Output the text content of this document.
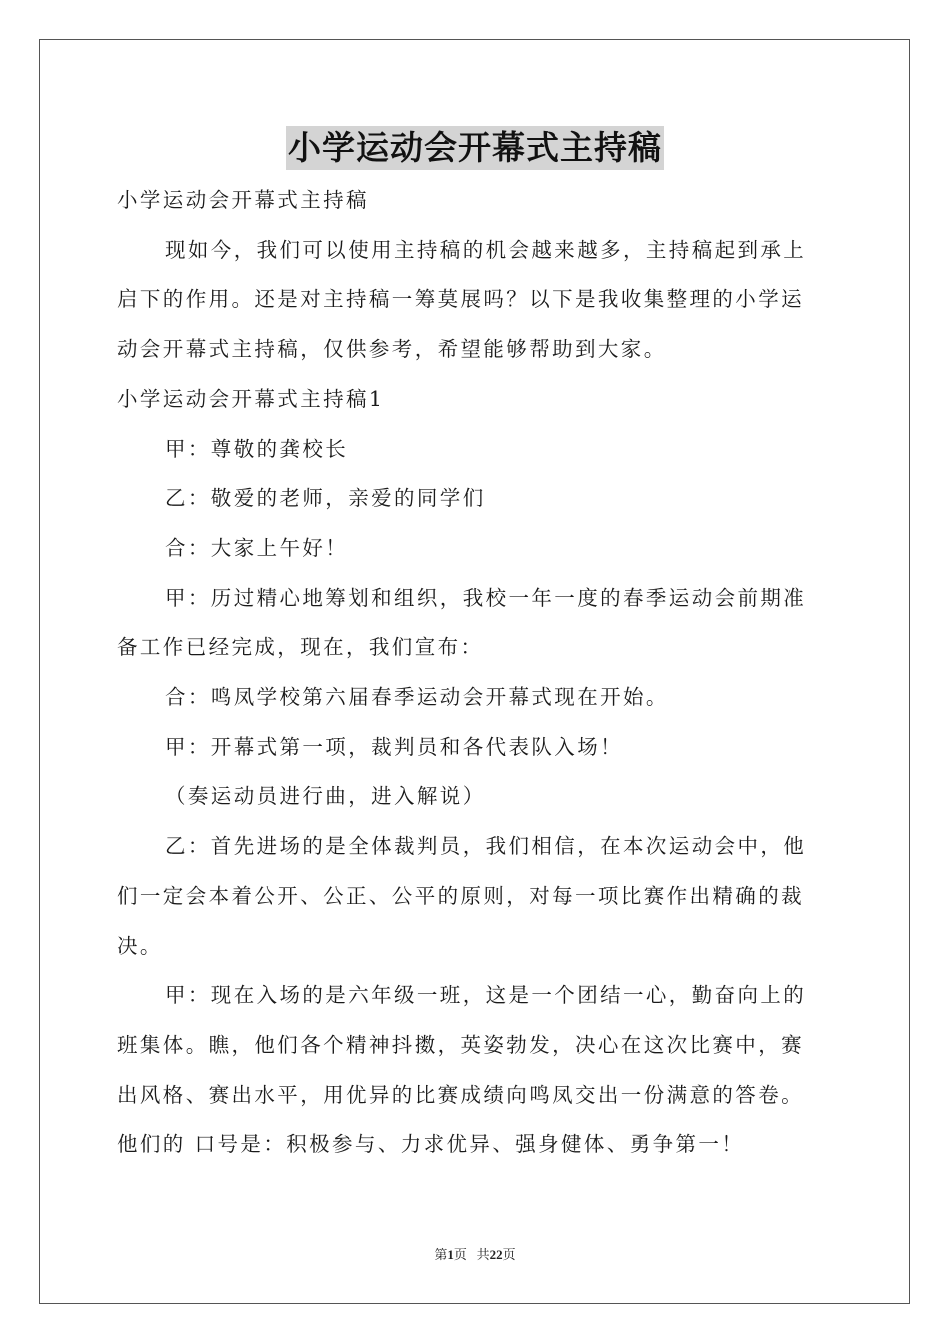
小学运动会开幕式主持稿

小学运动会开幕式主持稿

现如今，我们可以使用主持稿的机会越来越多，主持稿起到承上

启下的作用。还是对主持稿一筹莫展吗？以下是我收集整理的小学运

动会开幕式主持稿，仅供参考，希望能够帮助到大家。

小学运动会开幕式主持稿1

甲：尊敬的龚校长

乙：敬爱的老师，亲爱的同学们

合：大家上午好！

甲：历过精心地筹划和组织，我校一年一度的春季运动会前期准

备工作已经完成，现在，我们宣布：

合：鸣凤学校第六届春季运动会开幕式现在开始。

甲：开幕式第一项，裁判员和各代表队入场！

（奏运动员进行曲，进入解说）

乙：首先进场的是全体裁判员，我们相信，在本次运动会中，他

们一定会本着公开、公正、公平的原则，对每一项比赛作出精确的裁

决。

甲：现在入场的是六年级一班，这是一个团结一心，勤奋向上的

班集体。瞧，他们各个精神抖擞，英姿勃发，决心在这次比赛中，赛

出风格、赛出水平，用优异的比赛成绩向鸣凤交出一份满意的答卷。

他们的 口号是：积极参与、力求优异、强身健体、勇争第一！

第1页 共22页
